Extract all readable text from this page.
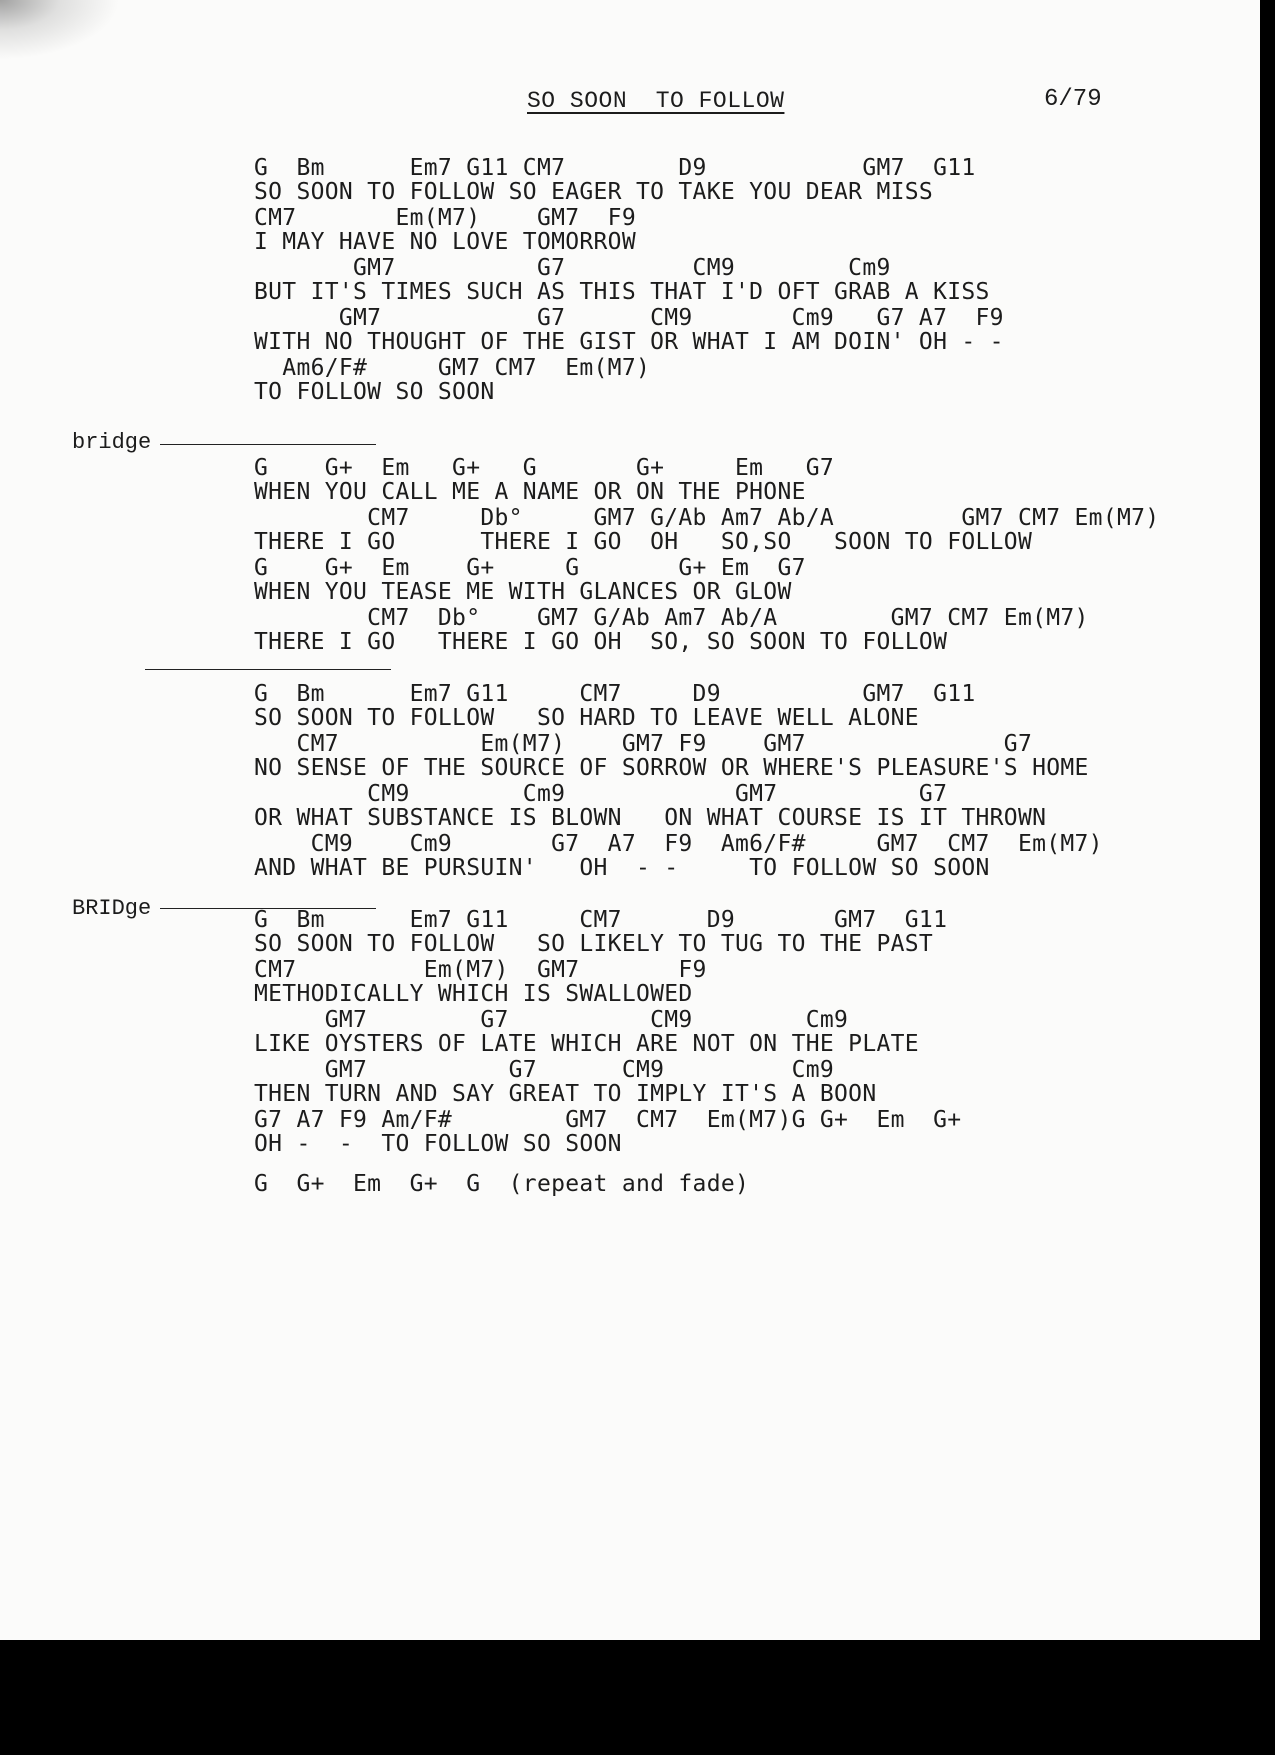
SO SOON  TO FOLLOW	6/79
G  Bm      Em7 G11 CM7        D9           GM7  G11
SO SOON TO FOLLOW SO EAGER TO TAKE YOU DEAR MISS
CM7       Em(M7)    GM7  F9
I MAY HAVE NO LOVE TOMORROW
GM7          G7         CM9        Cm9
BUT IT'S TIMES SUCH AS THIS THAT I'D OFT GRAB A KISS
GM7           G7      CM9       Cm9   G7 A7  F9
WITH NO THOUGHT OF THE GIST OR WHAT I AM DOIN' OH - -
Am6/F#     GM7 CM7  Em(M7)
TO FOLLOW SO SOON
bridge
G    G+  Em   G+   G       G+     Em   G7
WHEN YOU CALL ME A NAME OR ON THE PHONE
CM7     Db°     GM7 G/Ab Am7 Ab/A         GM7 CM7 Em(M7)
THERE I GO      THERE I GO  OH   SO,SO   SOON TO FOLLOW
G    G+  Em    G+     G       G+ Em  G7
WHEN YOU TEASE ME WITH GLANCES OR GLOW
CM7  Db°    GM7 G/Ab Am7 Ab/A        GM7 CM7 Em(M7)
THERE I GO   THERE I GO OH  SO, SO SOON TO FOLLOW
G  Bm      Em7 G11     CM7     D9          GM7  G11
SO SOON TO FOLLOW   SO HARD TO LEAVE WELL ALONE
CM7          Em(M7)    GM7 F9    GM7              G7
NO SENSE OF THE SOURCE OF SORROW OR WHERE'S PLEASURE'S HOME
CM9        Cm9            GM7          G7
OR WHAT SUBSTANCE IS BLOWN   ON WHAT COURSE IS IT THROWN
CM9    Cm9       G7  A7  F9  Am6/F#     GM7  CM7  Em(M7)
AND WHAT BE PURSUIN'   OH  - -     TO FOLLOW SO SOON
BRIDge	G  Bm      Em7 G11     CM7      D9       GM7  G11
SO SOON TO FOLLOW   SO LIKELY TO TUG TO THE PAST
CM7         Em(M7)  GM7       F9
METHODICALLY WHICH IS SWALLOWED
GM7        G7          CM9        Cm9
LIKE OYSTERS OF LATE WHICH ARE NOT ON THE PLATE
GM7          G7      CM9         Cm9
THEN TURN AND SAY GREAT TO IMPLY IT'S A BOON
G7 A7 F9 Am/F#        GM7  CM7  Em(M7)G G+  Em  G+
OH -  -  TO FOLLOW SO SOON
G  G+  Em  G+  G  (repeat and fade)
